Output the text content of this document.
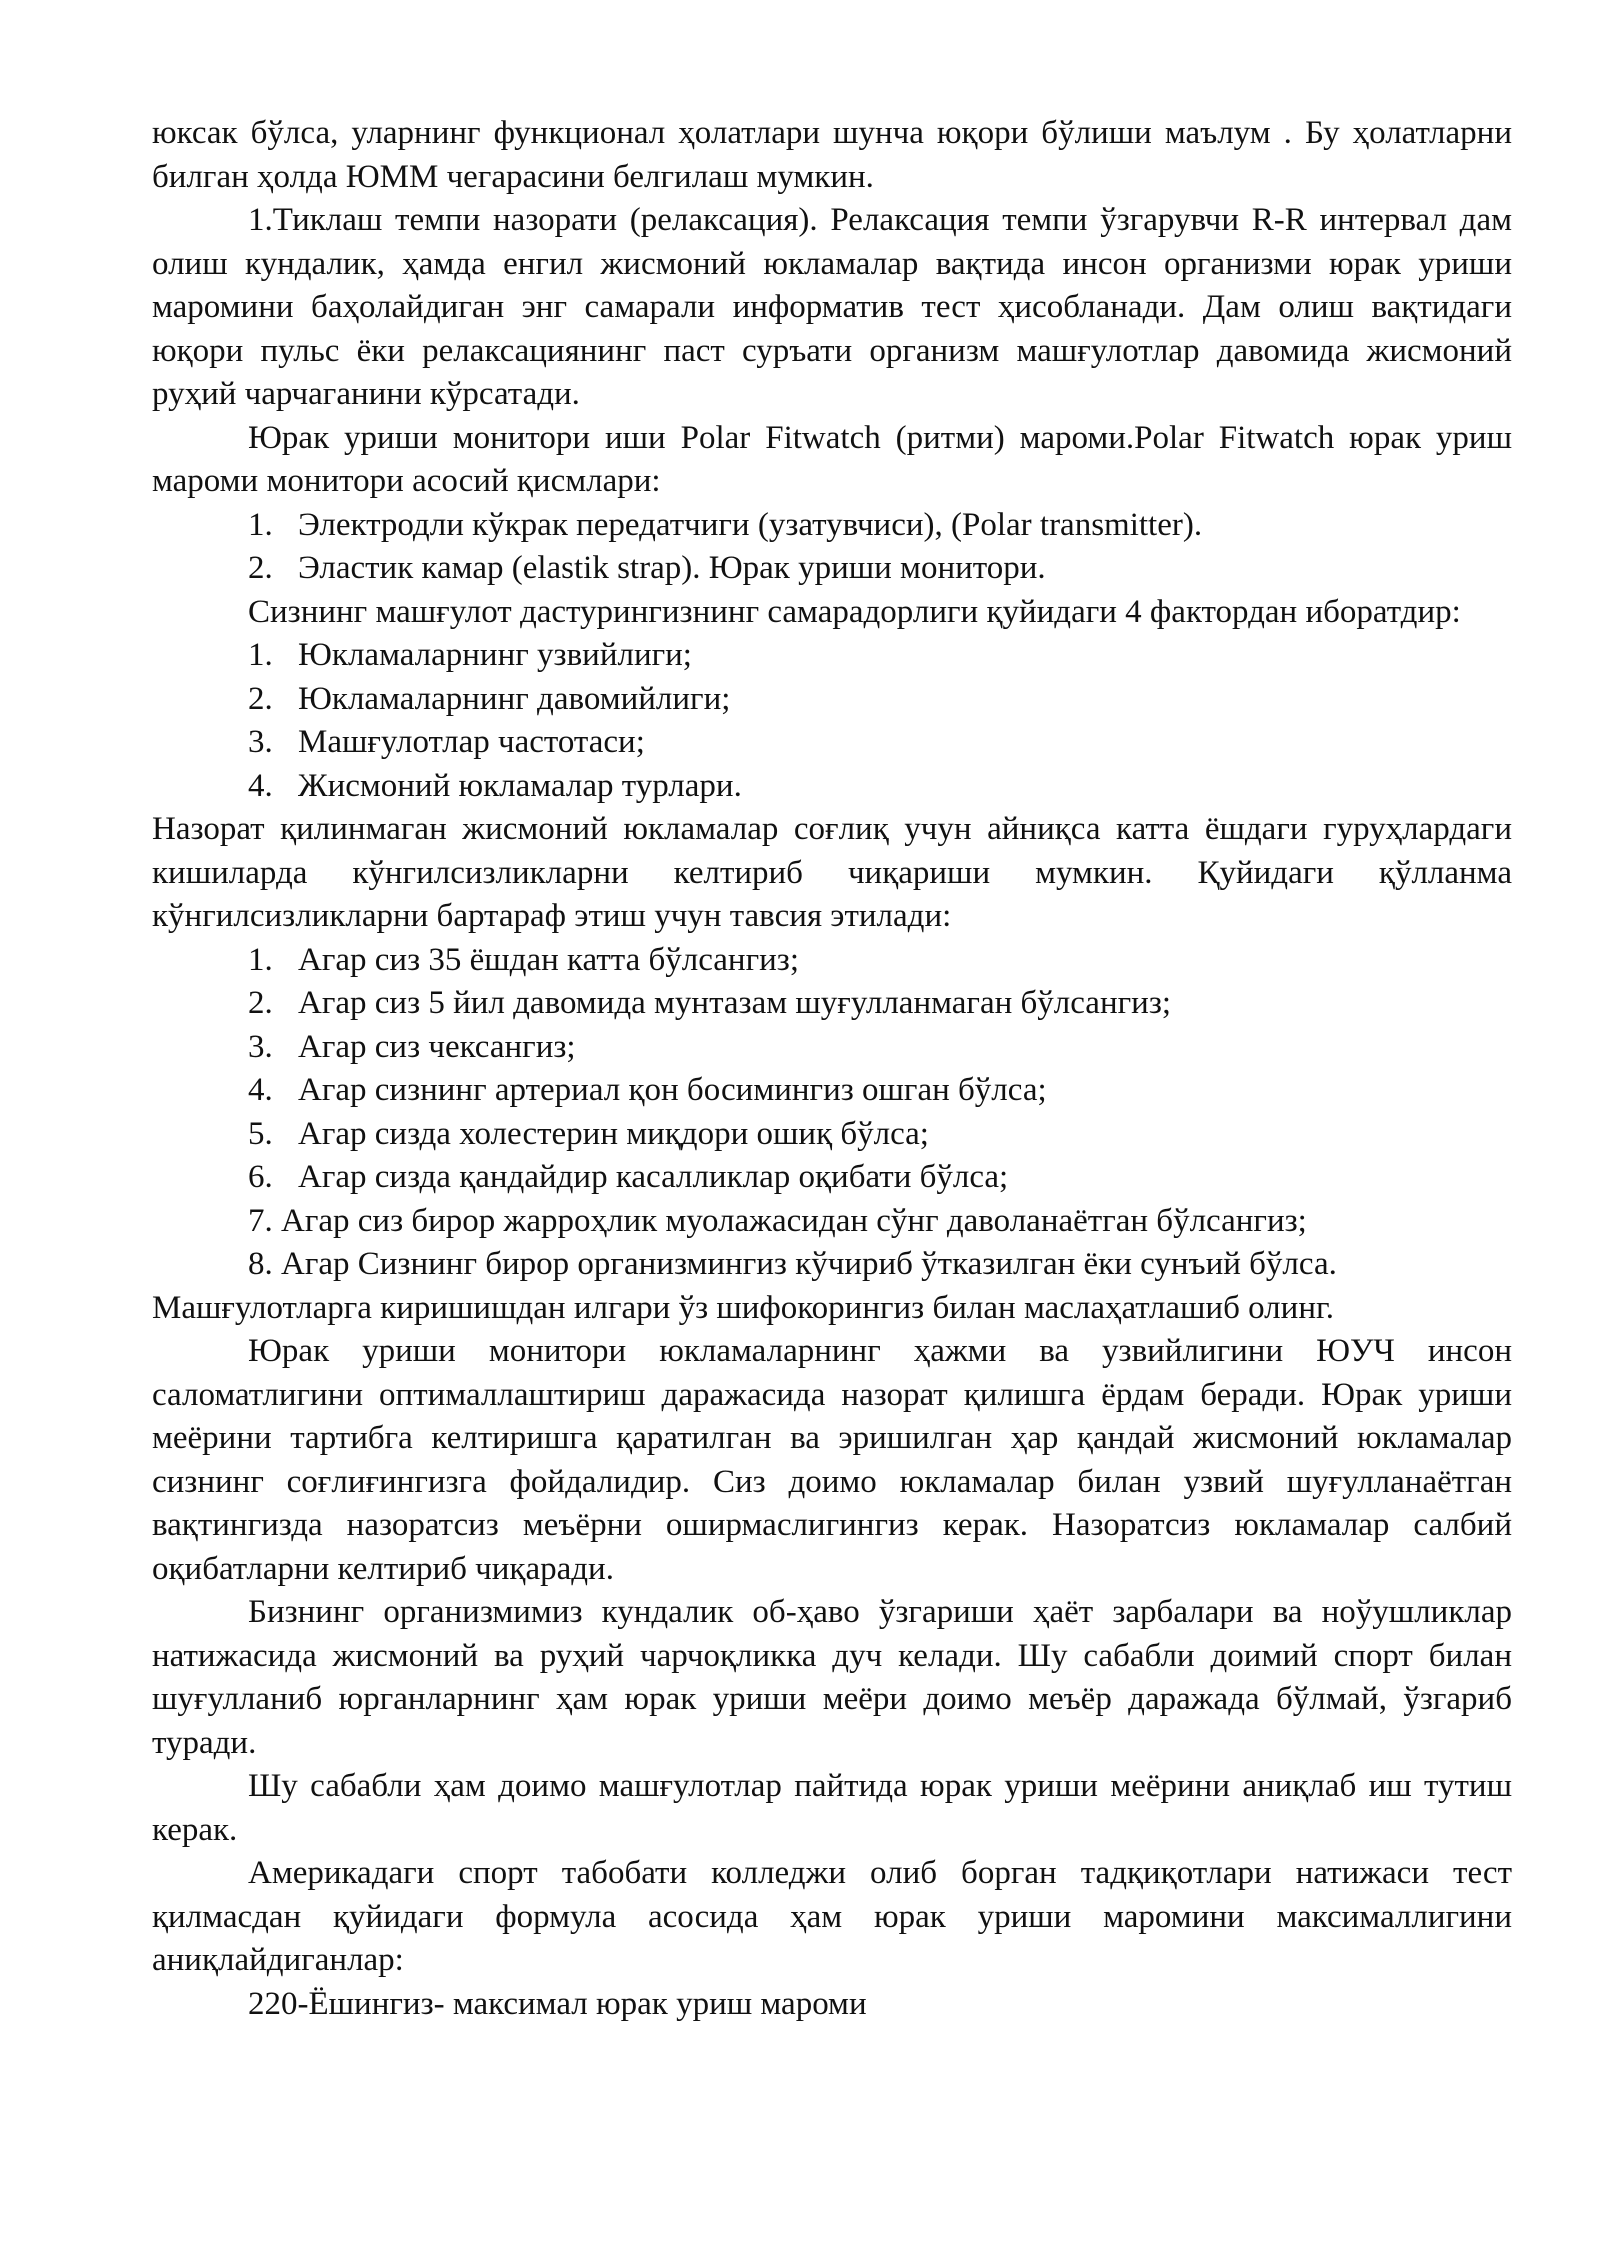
юксак бўлса, уларнинг функционал ҳолатлари шунча юқори бўлиши маълум . Бу ҳолатларни билган ҳолда ЮММ чегарасини белгилаш мумкин.

1.Тиклаш темпи назорати (релаксация). Релаксация темпи ўзгарувчи R-R интервал дам олиш кундалик, ҳамда енгил жисмоний юкламалар вақтида инсон организми юрак уриши маромини баҳолайдиган энг самарали информатив тест ҳисобланади. Дам олиш вақтидаги юқори пульс ёки релаксациянинг паст суръати организм машғулотлар давомида жисмоний руҳий чарчаганини кўрсатади.

Юрак уриши монитори иши Polar Fitwatch (ритми) мароми.Polar Fitwatch юрак уриш мароми монитори асосий қисмлари:

1. Электродли кўкрак передатчиги (узатувчиси), (Polar transmitter).
2. Эластик камар (elastik strap). Юрак уриши монитори.

Сизнинг машғулот дастурингизнинг самарадорлиги қуйидаги 4 фактордан иборатдир:

1. Юкламаларнинг узвийлиги;
2. Юкламаларнинг давомийлиги;
3. Машғулотлар частотаси;
4. Жисмоний юкламалар турлари.

Назорат қилинмаган жисмоний юкламалар соғлиқ учун айниқса катта ёшдаги гуруҳлардаги кишиларда кўнгилсизликларни келтириб чиқариши мумкин. Қуйидаги қўлланма кўнгилсизликларни бартараф этиш учун тавсия этилади:

1. Агар сиз 35 ёшдан катта бўлсангиз;
2. Агар сиз 5 йил давомида мунтазам шуғулланмаган бўлсангиз;
3. Агар сиз чексангиз;
4. Агар сизнинг артериал қон босимингиз ошган бўлса;
5. Агар сизда холестерин миқдори ошиқ бўлса;
6. Агар сизда қандайдир касалликлар оқибати бўлса;

7. Агар сиз бирор жарроҳлик муолажасидан сўнг даволанаётган бўлсангиз;

8. Агар Сизнинг бирор организмингиз кўчириб ўтказилган ёки сунъий бўлса.

Машғулотларга киришишдан илгари ўз шифокорингиз билан маслаҳатлашиб олинг.

Юрак уриши монитори юкламаларнинг ҳажми ва узвийлигини ЮУЧ инсон саломатлигини оптималлаштириш даражасида назорат қилишга ёрдам беради. Юрак уриши меёрини тартибга келтиришга қаратилган ва эришилган ҳар қандай жисмоний юкламалар сизнинг соғлиғингизга фойдалидир. Сиз доимо юкламалар билан узвий шуғулланаётган вақтингизда назоратсиз меъёрни оширмаслигингиз керак. Назоратсиз юкламалар салбий оқибатларни келтириб чиқаради.

Бизнинг организмимиз кундалик об-ҳаво ўзгариши ҳаёт зарбалари ва ноўушликлар натижасида жисмоний ва руҳий чарчоқликка дуч келади. Шу сабабли доимий спорт билан шуғулланиб юрганларнинг ҳам юрак уриши меёри доимо меъёр даражада бўлмай, ўзгариб туради.

Шу сабабли ҳам доимо машғулотлар пайтида юрак уриши меёрини аниқлаб иш тутиш керак.

Америкадаги спорт табобати колледжи олиб борган тадқиқотлари натижаси тест қилмасдан қуйидаги формула асосида ҳам юрак уриши маромини максималлигини аниқлайдиганлар:

220-Ёшингиз- максимал юрак уриш мароми
